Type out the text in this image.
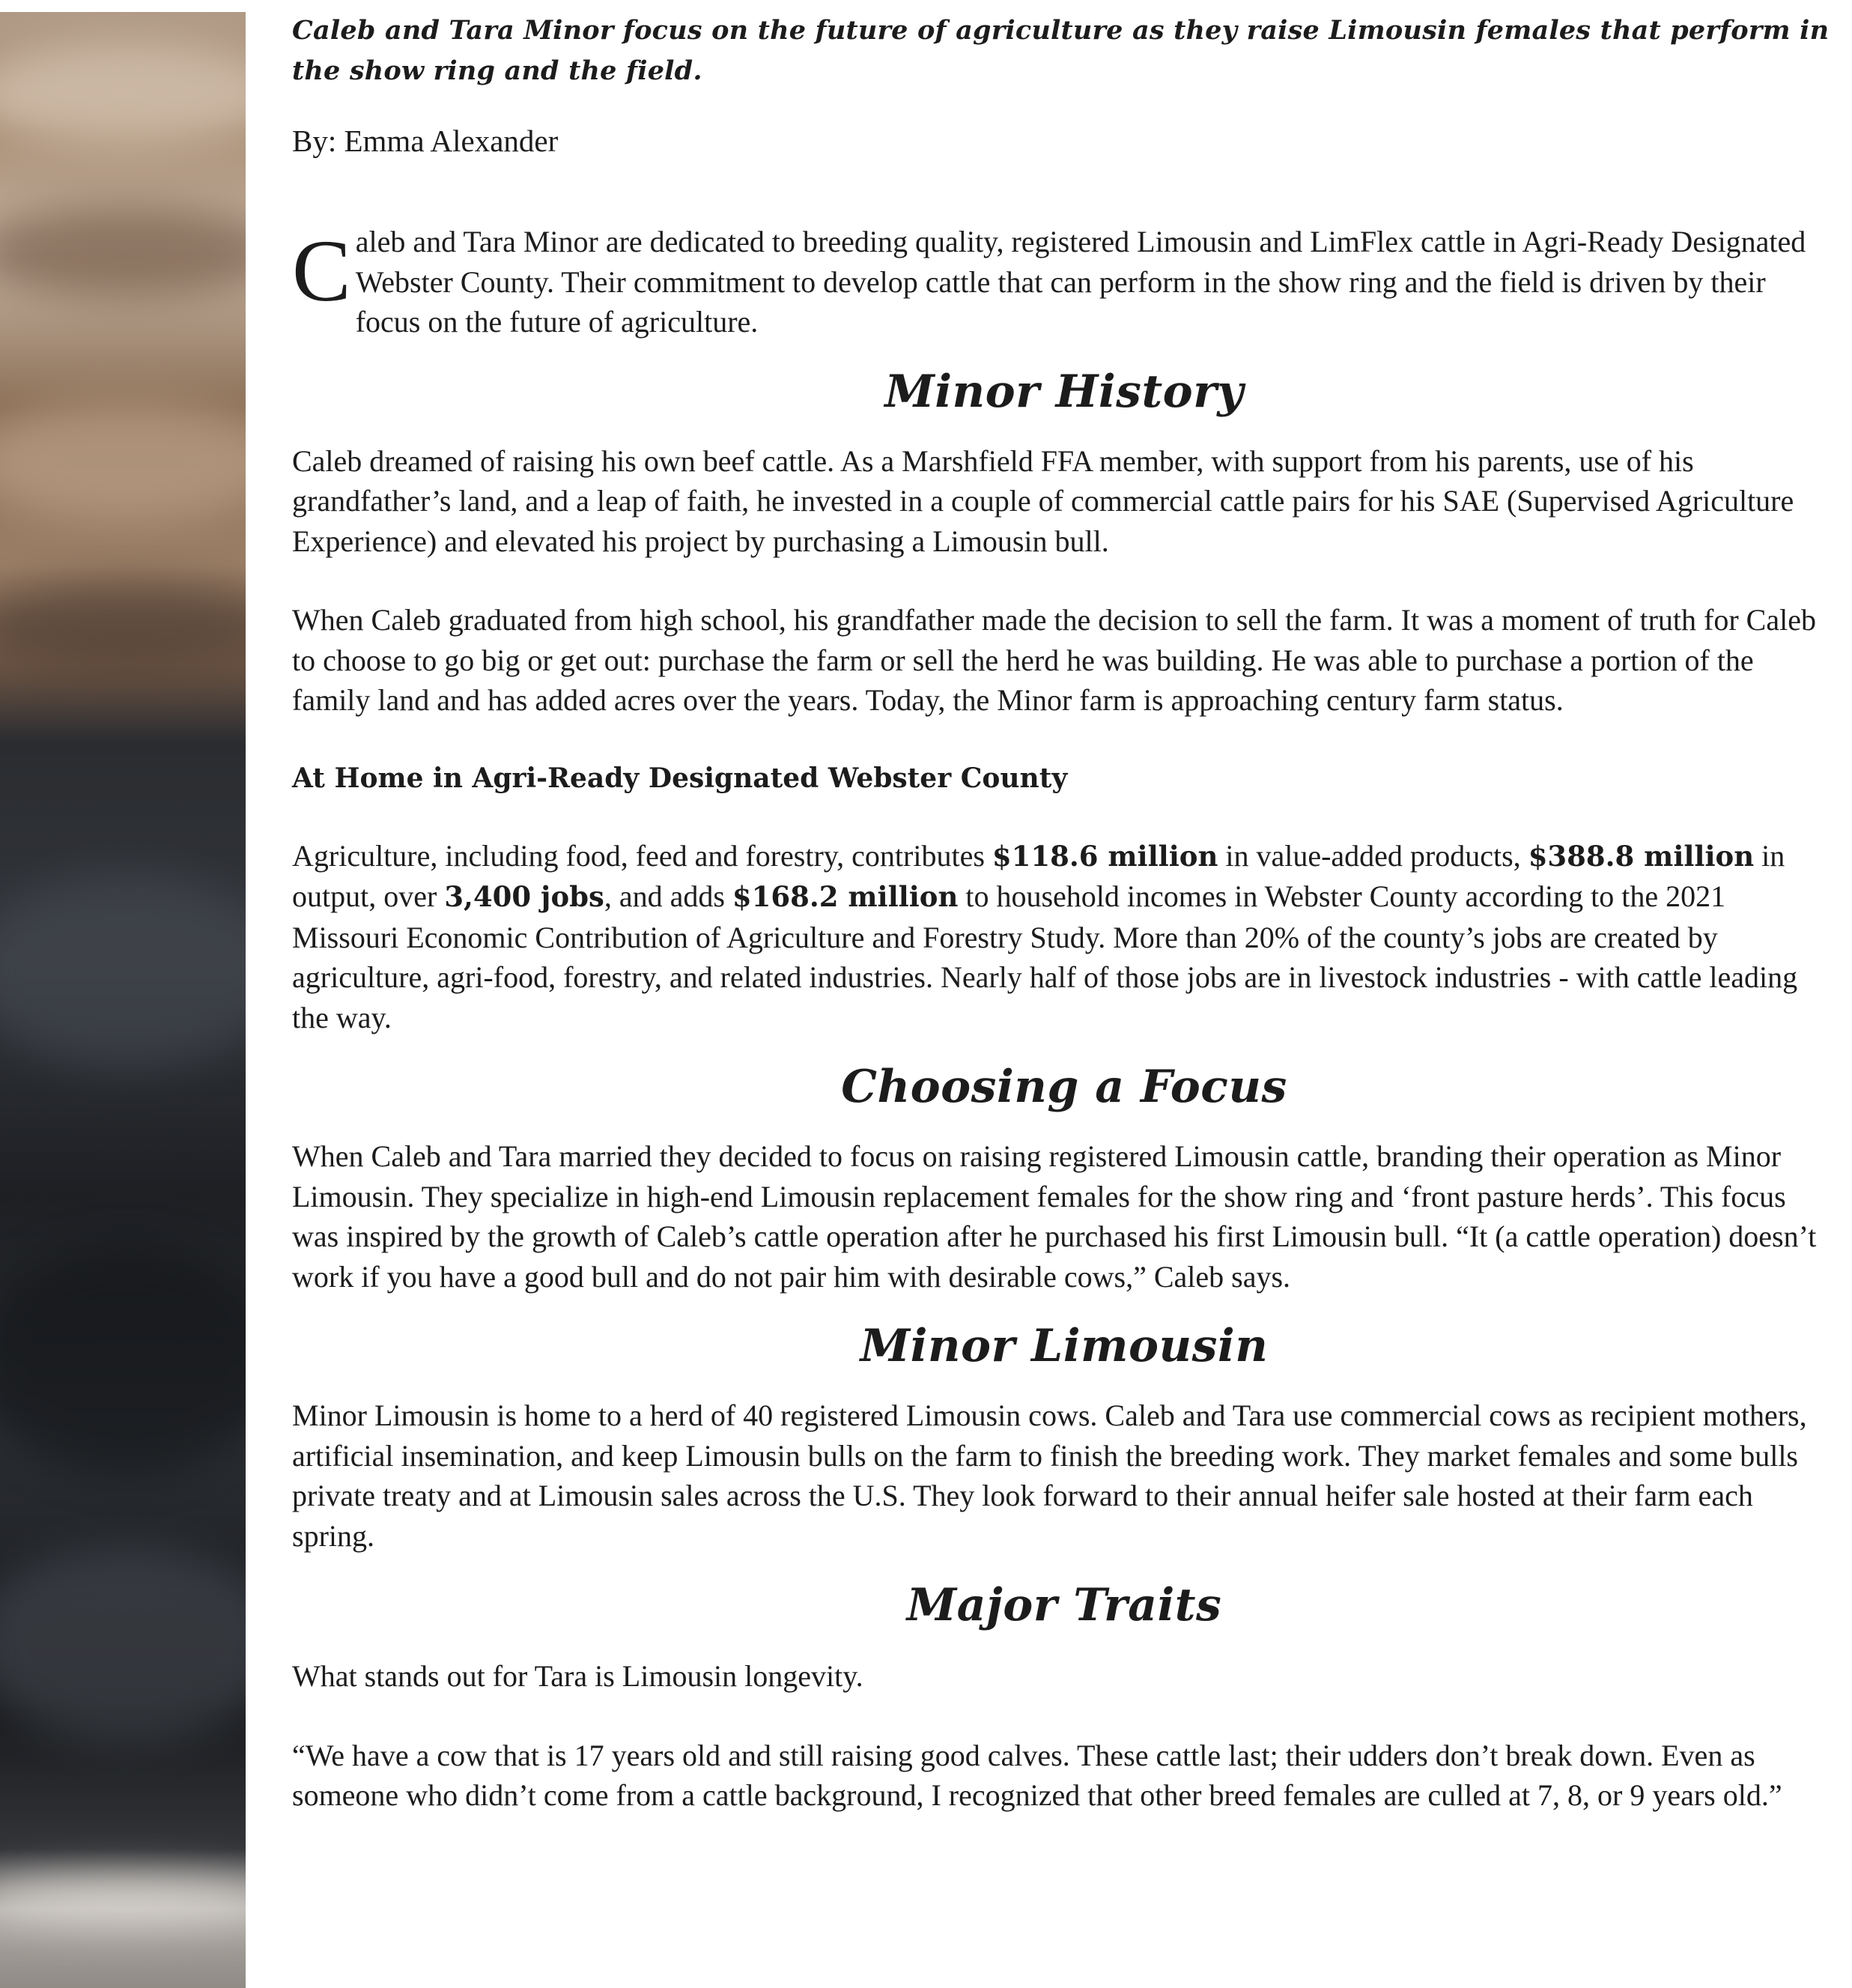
Caleb and Tara Minor focus on the future of agriculture as they raise Limousin females that perform in the show ring and the field.

By: Emma Alexander

Caleb and Tara Minor are dedicated to breeding quality, registered Limousin and LimFlex cattle in Agri-Ready Designated Webster County. Their commitment to develop cattle that can perform in the show ring and the field is driven by their focus on the future of agriculture.

Minor History

Caleb dreamed of raising his own beef cattle. As a Marshfield FFA member, with support from his parents, use of his grandfather’s land, and a leap of faith, he invested in a couple of commercial cattle pairs for his SAE (Supervised Agriculture Experience) and elevated his project by purchasing a Limousin bull.

When Caleb graduated from high school, his grandfather made the decision to sell the farm. It was a moment of truth for Caleb to choose to go big or get out: purchase the farm or sell the herd he was building. He was able to purchase a portion of the family land and has added acres over the years. Today, the Minor farm is approaching century farm status.

At Home in Agri-Ready Designated Webster County

Agriculture, including food, feed and forestry, contributes $118.6 million in value-added products, $388.8 million in output, over 3,400 jobs, and adds $168.2 million to household incomes in Webster County according to the 2021 Missouri Economic Contribution of Agriculture and Forestry Study. More than 20% of the county’s jobs are created by agriculture, agri-food, forestry, and related industries. Nearly half of those jobs are in livestock industries - with cattle leading the way.

Choosing a Focus

When Caleb and Tara married they decided to focus on raising registered Limousin cattle, branding their operation as Minor Limousin. They specialize in high-end Limousin replacement females for the show ring and ‘front pasture herds’. This focus was inspired by the growth of Caleb’s cattle operation after he purchased his first Limousin bull. “It (a cattle operation) doesn’t work if you have a good bull and do not pair him with desirable cows,” Caleb says.

Minor Limousin

Minor Limousin is home to a herd of 40 registered Limousin cows. Caleb and Tara use commercial cows as recipient mothers, artificial insemination, and keep Limousin bulls on the farm to finish the breeding work. They market females and some bulls private treaty and at Limousin sales across the U.S. They look forward to their annual heifer sale hosted at their farm each spring.

Major Traits

What stands out for Tara is Limousin longevity.

“We have a cow that is 17 years old and still raising good calves. These cattle last; their udders don’t break down. Even as someone who didn’t come from a cattle background, I recognized that other breed females are culled at 7, 8, or 9 years old.”
